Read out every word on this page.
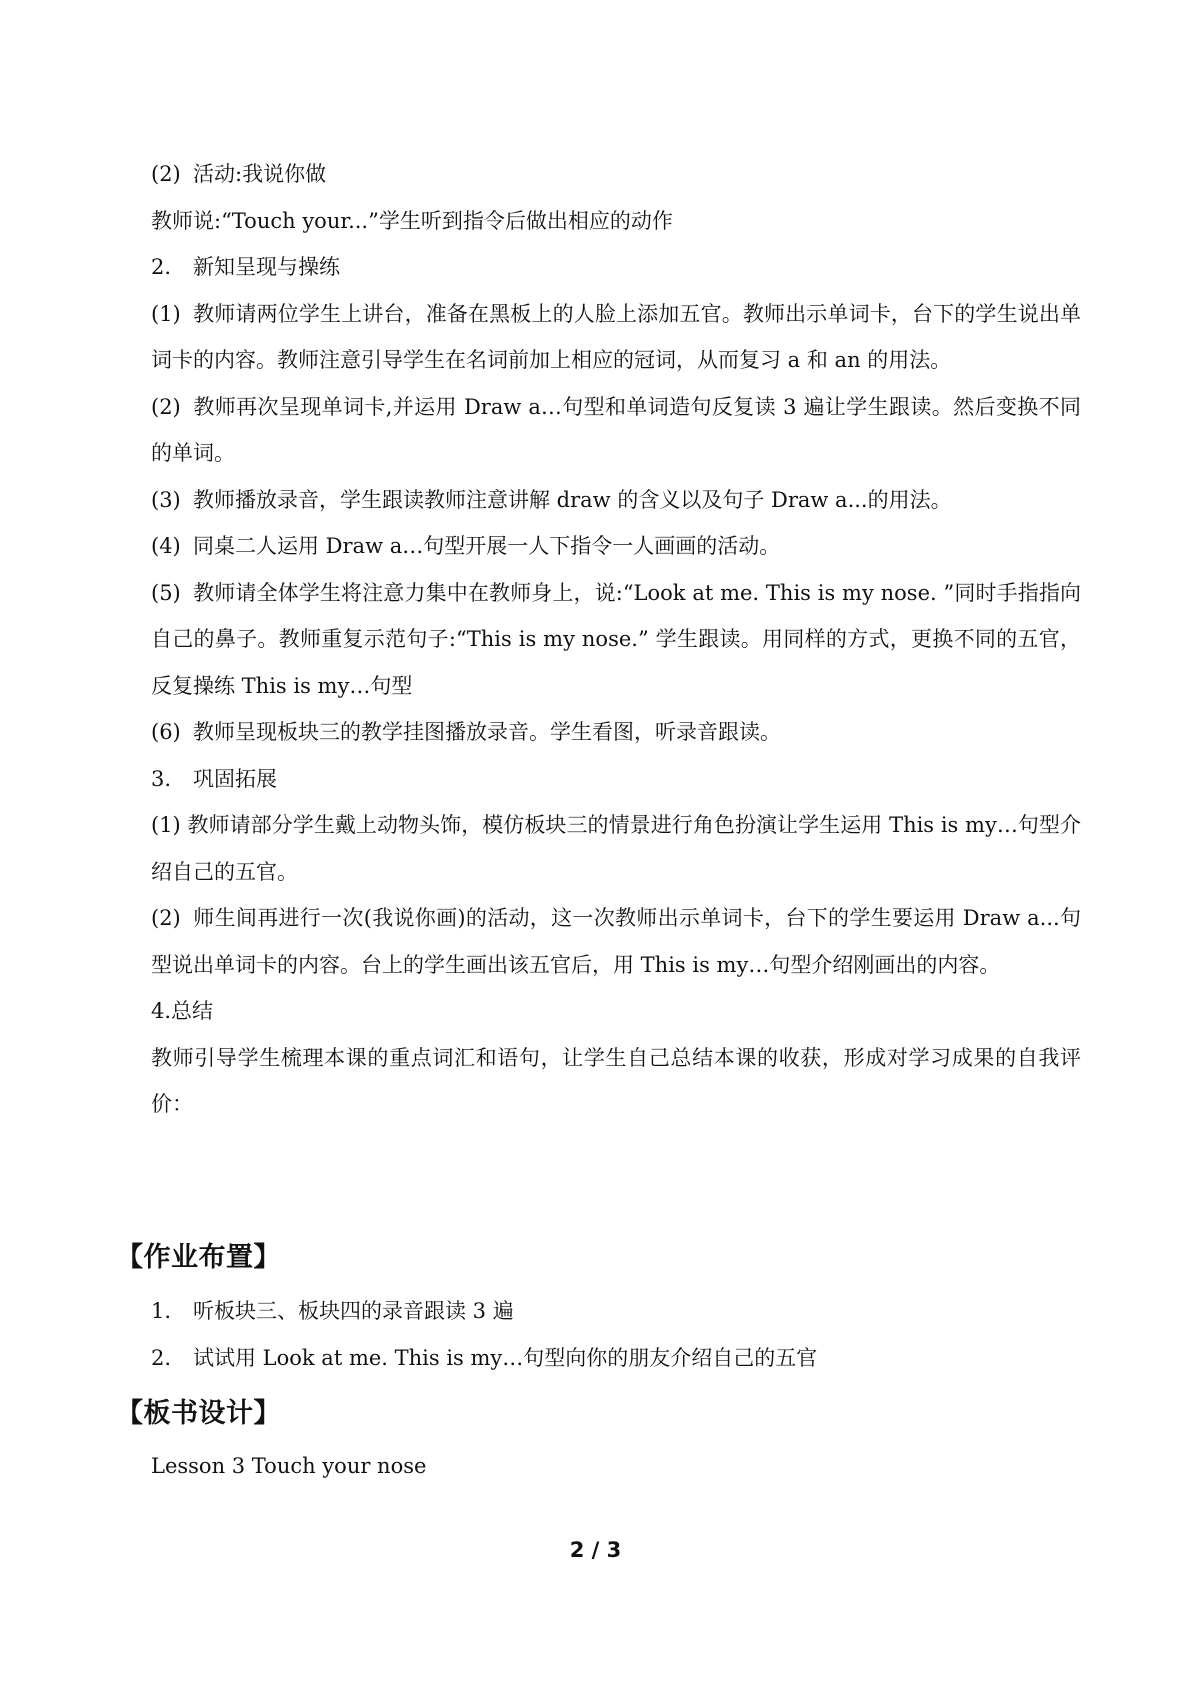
(2) 活动:我说你做

教师说:“Touch your...”学生听到指令后做出相应的动作

2. 新知呈现与操练

(1) 教师请两位学生上讲台，准备在黑板上的人脸上添加五官。教师出示单词卡，台下的学生说出单词卡的内容。教师注意引导学生在名词前加上相应的冠词，从而复习 a 和 an 的用法。

(2) 教师再次呈现单词卡,并运用 Draw a…句型和单词造句反复读 3 遍让学生跟读。然后变换不同的单词。

(3) 教师播放录音，学生跟读教师注意讲解 draw 的含义以及句子 Draw a...的用法。

(4) 同桌二人运用 Draw a…句型开展一人下指令一人画画的活动。

(5) 教师请全体学生将注意力集中在教师身上，说:“Look at me. This is my nose. ”同时手指指向自己的鼻子。教师重复示范句子:“This is my nose.” 学生跟读。用同样的方式，更换不同的五官，反复操练 This is my…句型

(6) 教师呈现板块三的教学挂图播放录音。学生看图，听录音跟读。

3. 巩固拓展

(1) 教师请部分学生戴上动物头饰，模仿板块三的情景进行角色扮演让学生运用 This is my…句型介绍自己的五官。

(2) 师生间再进行一次(我说你画)的活动，这一次教师出示单词卡，台下的学生要运用 Draw a...句型说出单词卡的内容。台上的学生画出该五官后，用 This is my…句型介绍刚画出的内容。

4.总结

教师引导学生梳理本课的重点词汇和语句，让学生自己总结本课的收获，形成对学习成果的自我评价：

【作业布置】

1. 听板块三、板块四的录音跟读 3 遍

2. 试试用 Look at me. This is my…句型向你的朋友介绍自己的五官

【板书设计】

Lesson 3 Touch your nose

2 / 3
